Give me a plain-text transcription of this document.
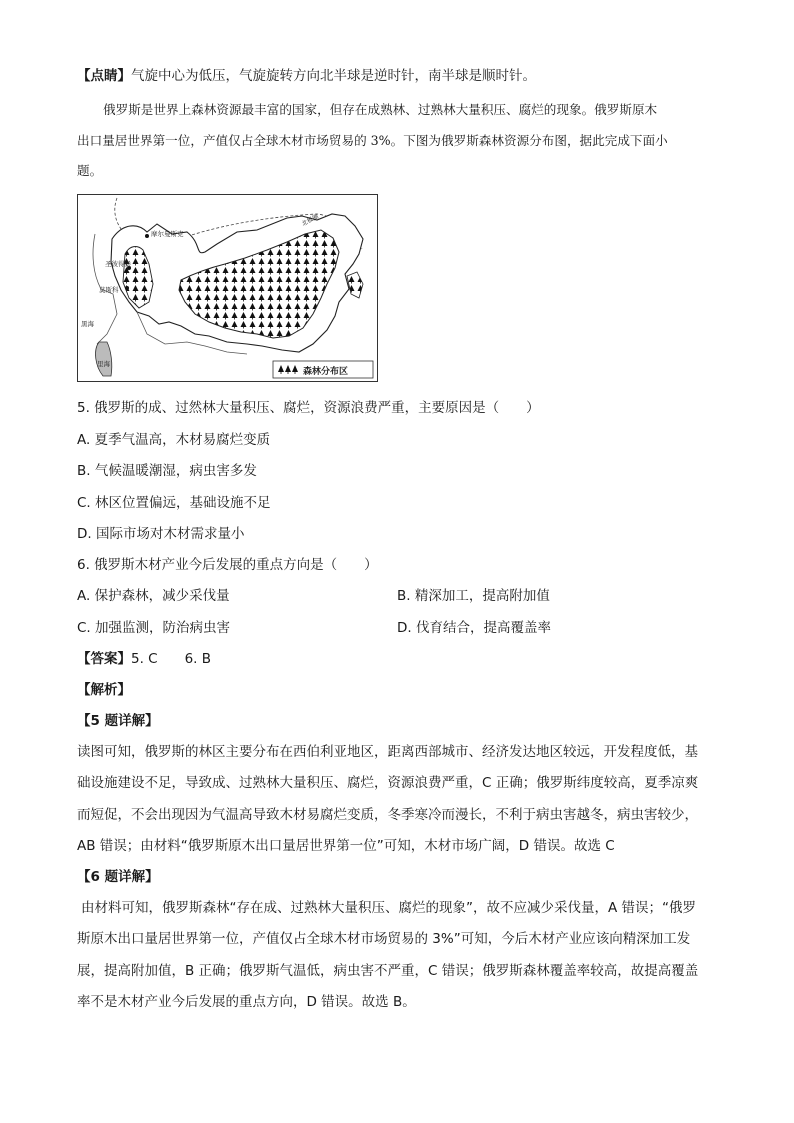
【点睛】气旋中心为低压，气旋旋转方向北半球是逆时针，南半球是顺时针。
俄罗斯是世界上森林资源最丰富的国家，但存在成熟林、过熟林大量积压、腐烂的现象。俄罗斯原木
出口量居世界第一位，产值仅占全球木材市场贸易的 3%。下图为俄罗斯森林资源分布图，据此完成下面小
题。
摩尔曼斯克
圣彼得堡
莫斯科
黑海
里海
北极圈
森林分布区
5. 俄罗斯的成、过然林大量积压、腐烂，资源浪费严重，主要原因是（　　）
A. 夏季气温高，木材易腐烂变质
B. 气候温暖潮湿，病虫害多发
C. 林区位置偏远，基础设施不足
D. 国际市场对木材需求量小
6. 俄罗斯木材产业今后发展的重点方向是（　　）
A. 保护森林，减少采伐量	B. 精深加工，提高附加值
C. 加强监测，防治病虫害	D. 伐育结合，提高覆盖率
【答案】5. C　　6. B
【解析】
【5 题详解】
读图可知，俄罗斯的林区主要分布在西伯利亚地区，距离西部城市、经济发达地区较远，开发程度低，基
础设施建设不足，导致成、过熟林大量积压、腐烂，资源浪费严重，C 正确；俄罗斯纬度较高，夏季凉爽
而短促，不会出现因为气温高导致木材易腐烂变质，冬季寒冷而漫长，不利于病虫害越冬，病虫害较少，
AB 错误；由材料“俄罗斯原木出口量居世界第一位”可知，木材市场广阔，D 错误。故选 C
【6 题详解】
由材料可知，俄罗斯森林“存在成、过熟林大量积压、腐烂的现象”，故不应减少采伐量，A 错误；“俄罗
斯原木出口量居世界第一位，产值仅占全球木材市场贸易的 3%”可知，今后木材产业应该向精深加工发
展，提高附加值，B 正确；俄罗斯气温低，病虫害不严重，C 错误；俄罗斯森林覆盖率较高，故提高覆盖
率不是木材产业今后发展的重点方向，D 错误。故选 B。
